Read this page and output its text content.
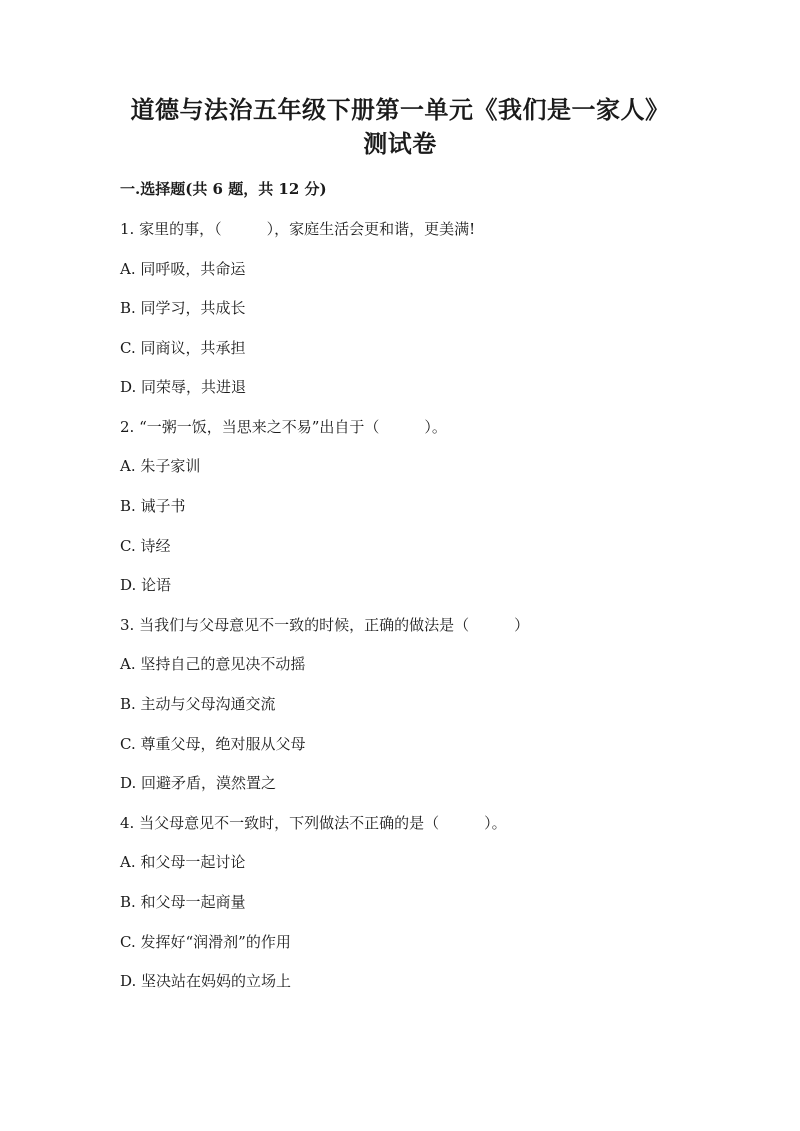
道德与法治五年级下册第一单元《我们是一家人》
测试卷
一.选择题(共 6 题，共 12 分)
1. 家里的事，（　　　），家庭生活会更和谐，更美满!
A. 同呼吸，共命运
B. 同学习，共成长
C. 同商议，共承担
D. 同荣辱，共进退
2. “一粥一饭，当思来之不易”出自于（　　　）。
A. 朱子家训
B. 诫子书
C. 诗经
D. 论语
3. 当我们与父母意见不一致的时候，正确的做法是（　　　）
A. 坚持自己的意见决不动摇
B. 主动与父母沟通交流
C. 尊重父母，绝对服从父母
D. 回避矛盾，漠然置之
4. 当父母意见不一致时，下列做法不正确的是（　　　）。
A. 和父母一起讨论
B. 和父母一起商量
C. 发挥好“润滑剂”的作用
D. 坚决站在妈妈的立场上
